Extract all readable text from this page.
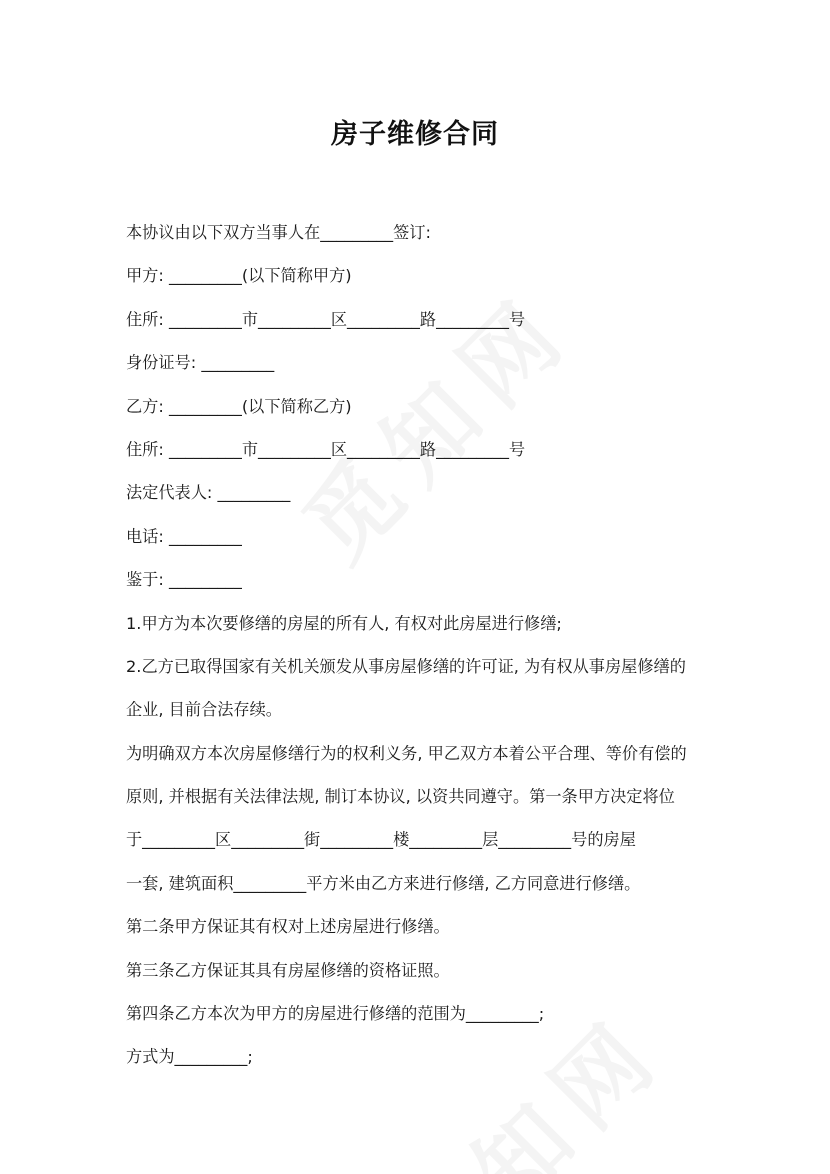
房子维修合同
本协议由以下双方当事人在_________签订:
甲方: _________(以下简称甲方)
住所: _________市_________区_________路_________号
身份证号: _________
乙方: _________(以下简称乙方)
住所: _________市_________区_________路_________号
法定代表人: _________
电话: _________
鉴于: _________
1.甲方为本次要修缮的房屋的所有人, 有权对此房屋进行修缮;
2.乙方已取得国家有关机关颁发从事房屋修缮的许可证, 为有权从事房屋修缮的
企业, 目前合法存续。
为明确双方本次房屋修缮行为的权利义务, 甲乙双方本着公平合理、等价有偿的
原则, 并根据有关法律法规, 制订本协议, 以资共同遵守。第一条甲方决定将位
于_________区_________街_________楼_________层_________号的房屋
一套, 建筑面积_________平方米由乙方来进行修缮, 乙方同意进行修缮。
第二条甲方保证其有权对上述房屋进行修缮。
第三条乙方保证其具有房屋修缮的资格证照。
第四条乙方本次为甲方的房屋进行修缮的范围为_________;
方式为_________;
